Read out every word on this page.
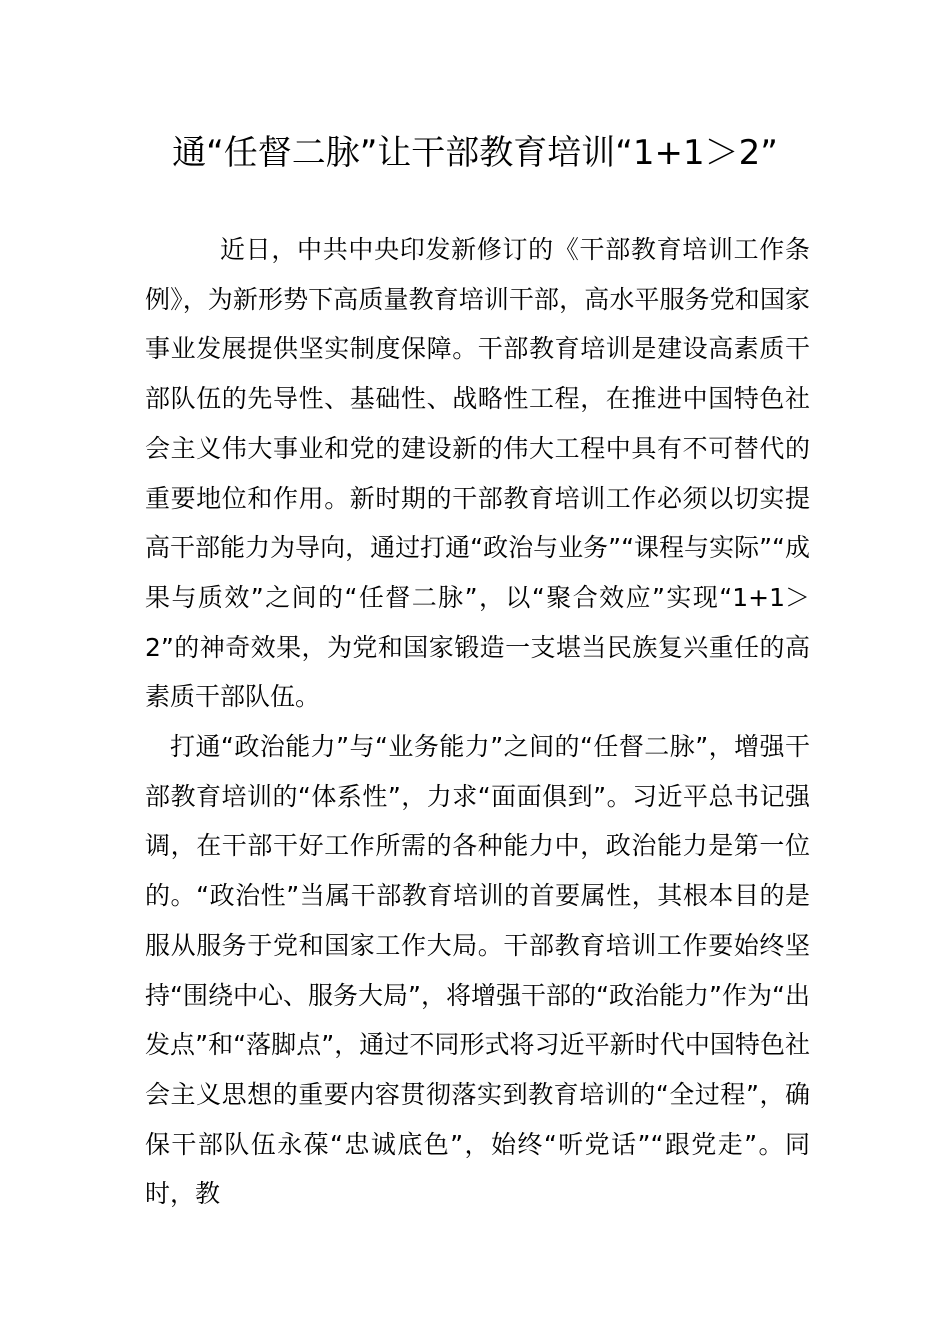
通“任督二脉”让干部教育培训“1+1＞2”

近日，中共中央印发新修订的《干部教育培训工作条例》，为新形势下高质量教育培训干部，高水平服务党和国家事业发展提供坚实制度保障。干部教育培训是建设高素质干部队伍的先导性、基础性、战略性工程，在推进中国特色社会主义伟大事业和党的建设新的伟大工程中具有不可替代的重要地位和作用。新时期的干部教育培训工作必须以切实提高干部能力为导向，通过打通“政治与业务”“课程与实际”“成果与质效”之间的“任督二脉”，以“聚合效应”实现“1+1＞2”的神奇效果，为党和国家锻造一支堪当民族复兴重任的高素质干部队伍。

打通“政治能力”与“业务能力”之间的“任督二脉”，增强干部教育培训的“体系性”，力求“面面俱到”。习近平总书记强调，在干部干好工作所需的各种能力中，政治能力是第一位的。“政治性”当属干部教育培训的首要属性，其根本目的是服从服务于党和国家工作大局。干部教育培训工作要始终坚持“围绕中心、服务大局”，将增强干部的“政治能力”作为“出发点”和“落脚点”，通过不同形式将习近平新时代中国特色社会主义思想的重要内容贯彻落实到教育培训的“全过程”，确保干部队伍永葆“忠诚底色”，始终“听党话”“跟党走”。同时，教
